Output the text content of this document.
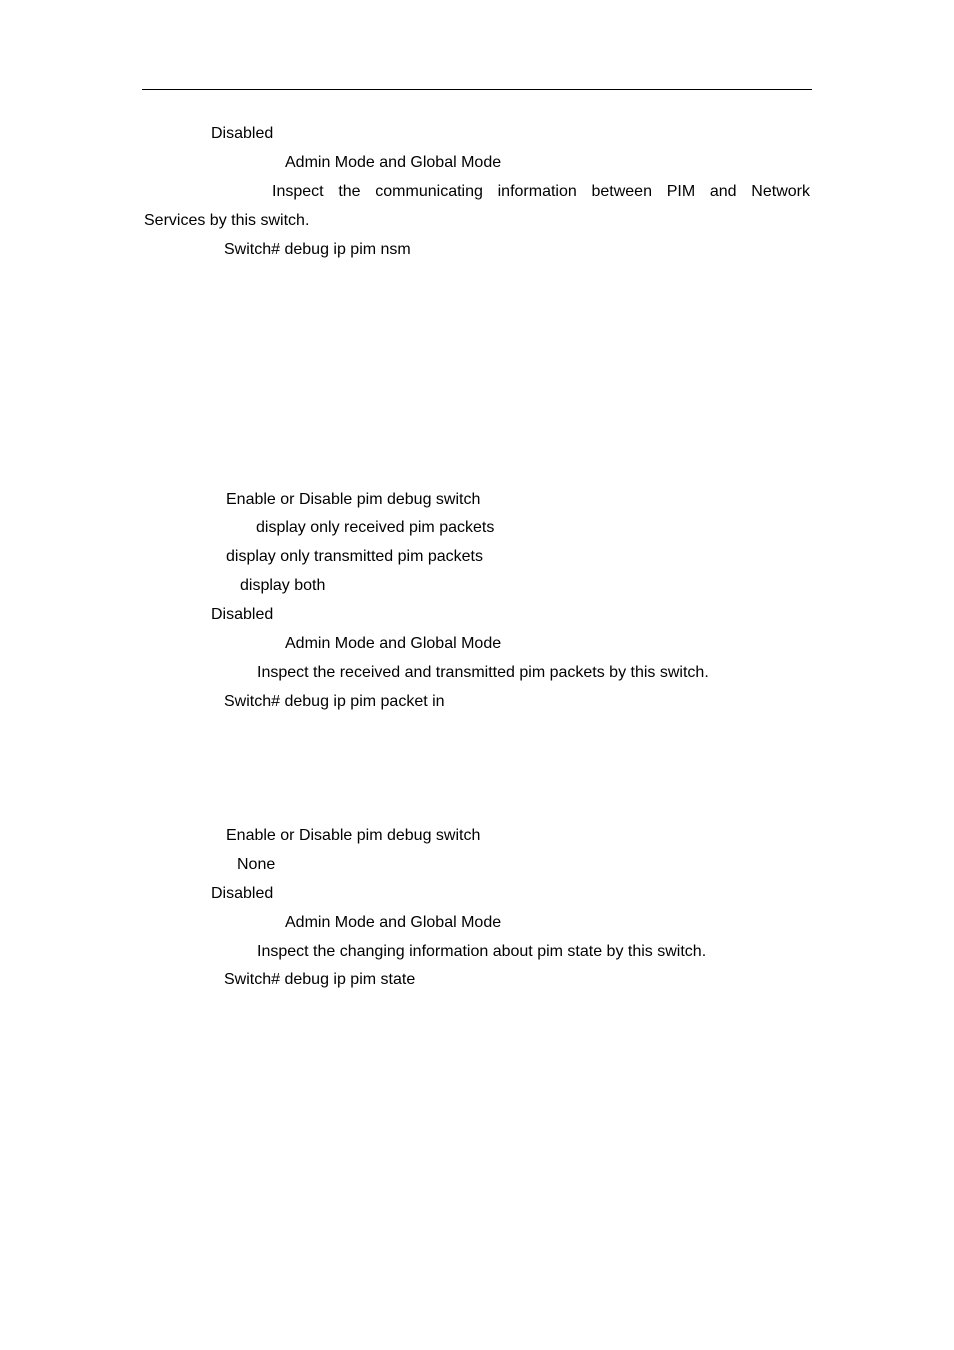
Disabled
Admin Mode and Global Mode
Inspect the communicating information between PIM and Network
Services by this switch.
Switch# debug ip pim nsm
Enable or Disable pim debug switch
display only received pim packets
display only transmitted pim packets
display both
Disabled
Admin Mode and Global Mode
Inspect the received and transmitted pim packets by this switch.
Switch# debug ip pim packet in
Enable or Disable pim debug switch
None
Disabled
Admin Mode and Global Mode
Inspect the changing information about pim state by this switch.
Switch# debug ip pim state
